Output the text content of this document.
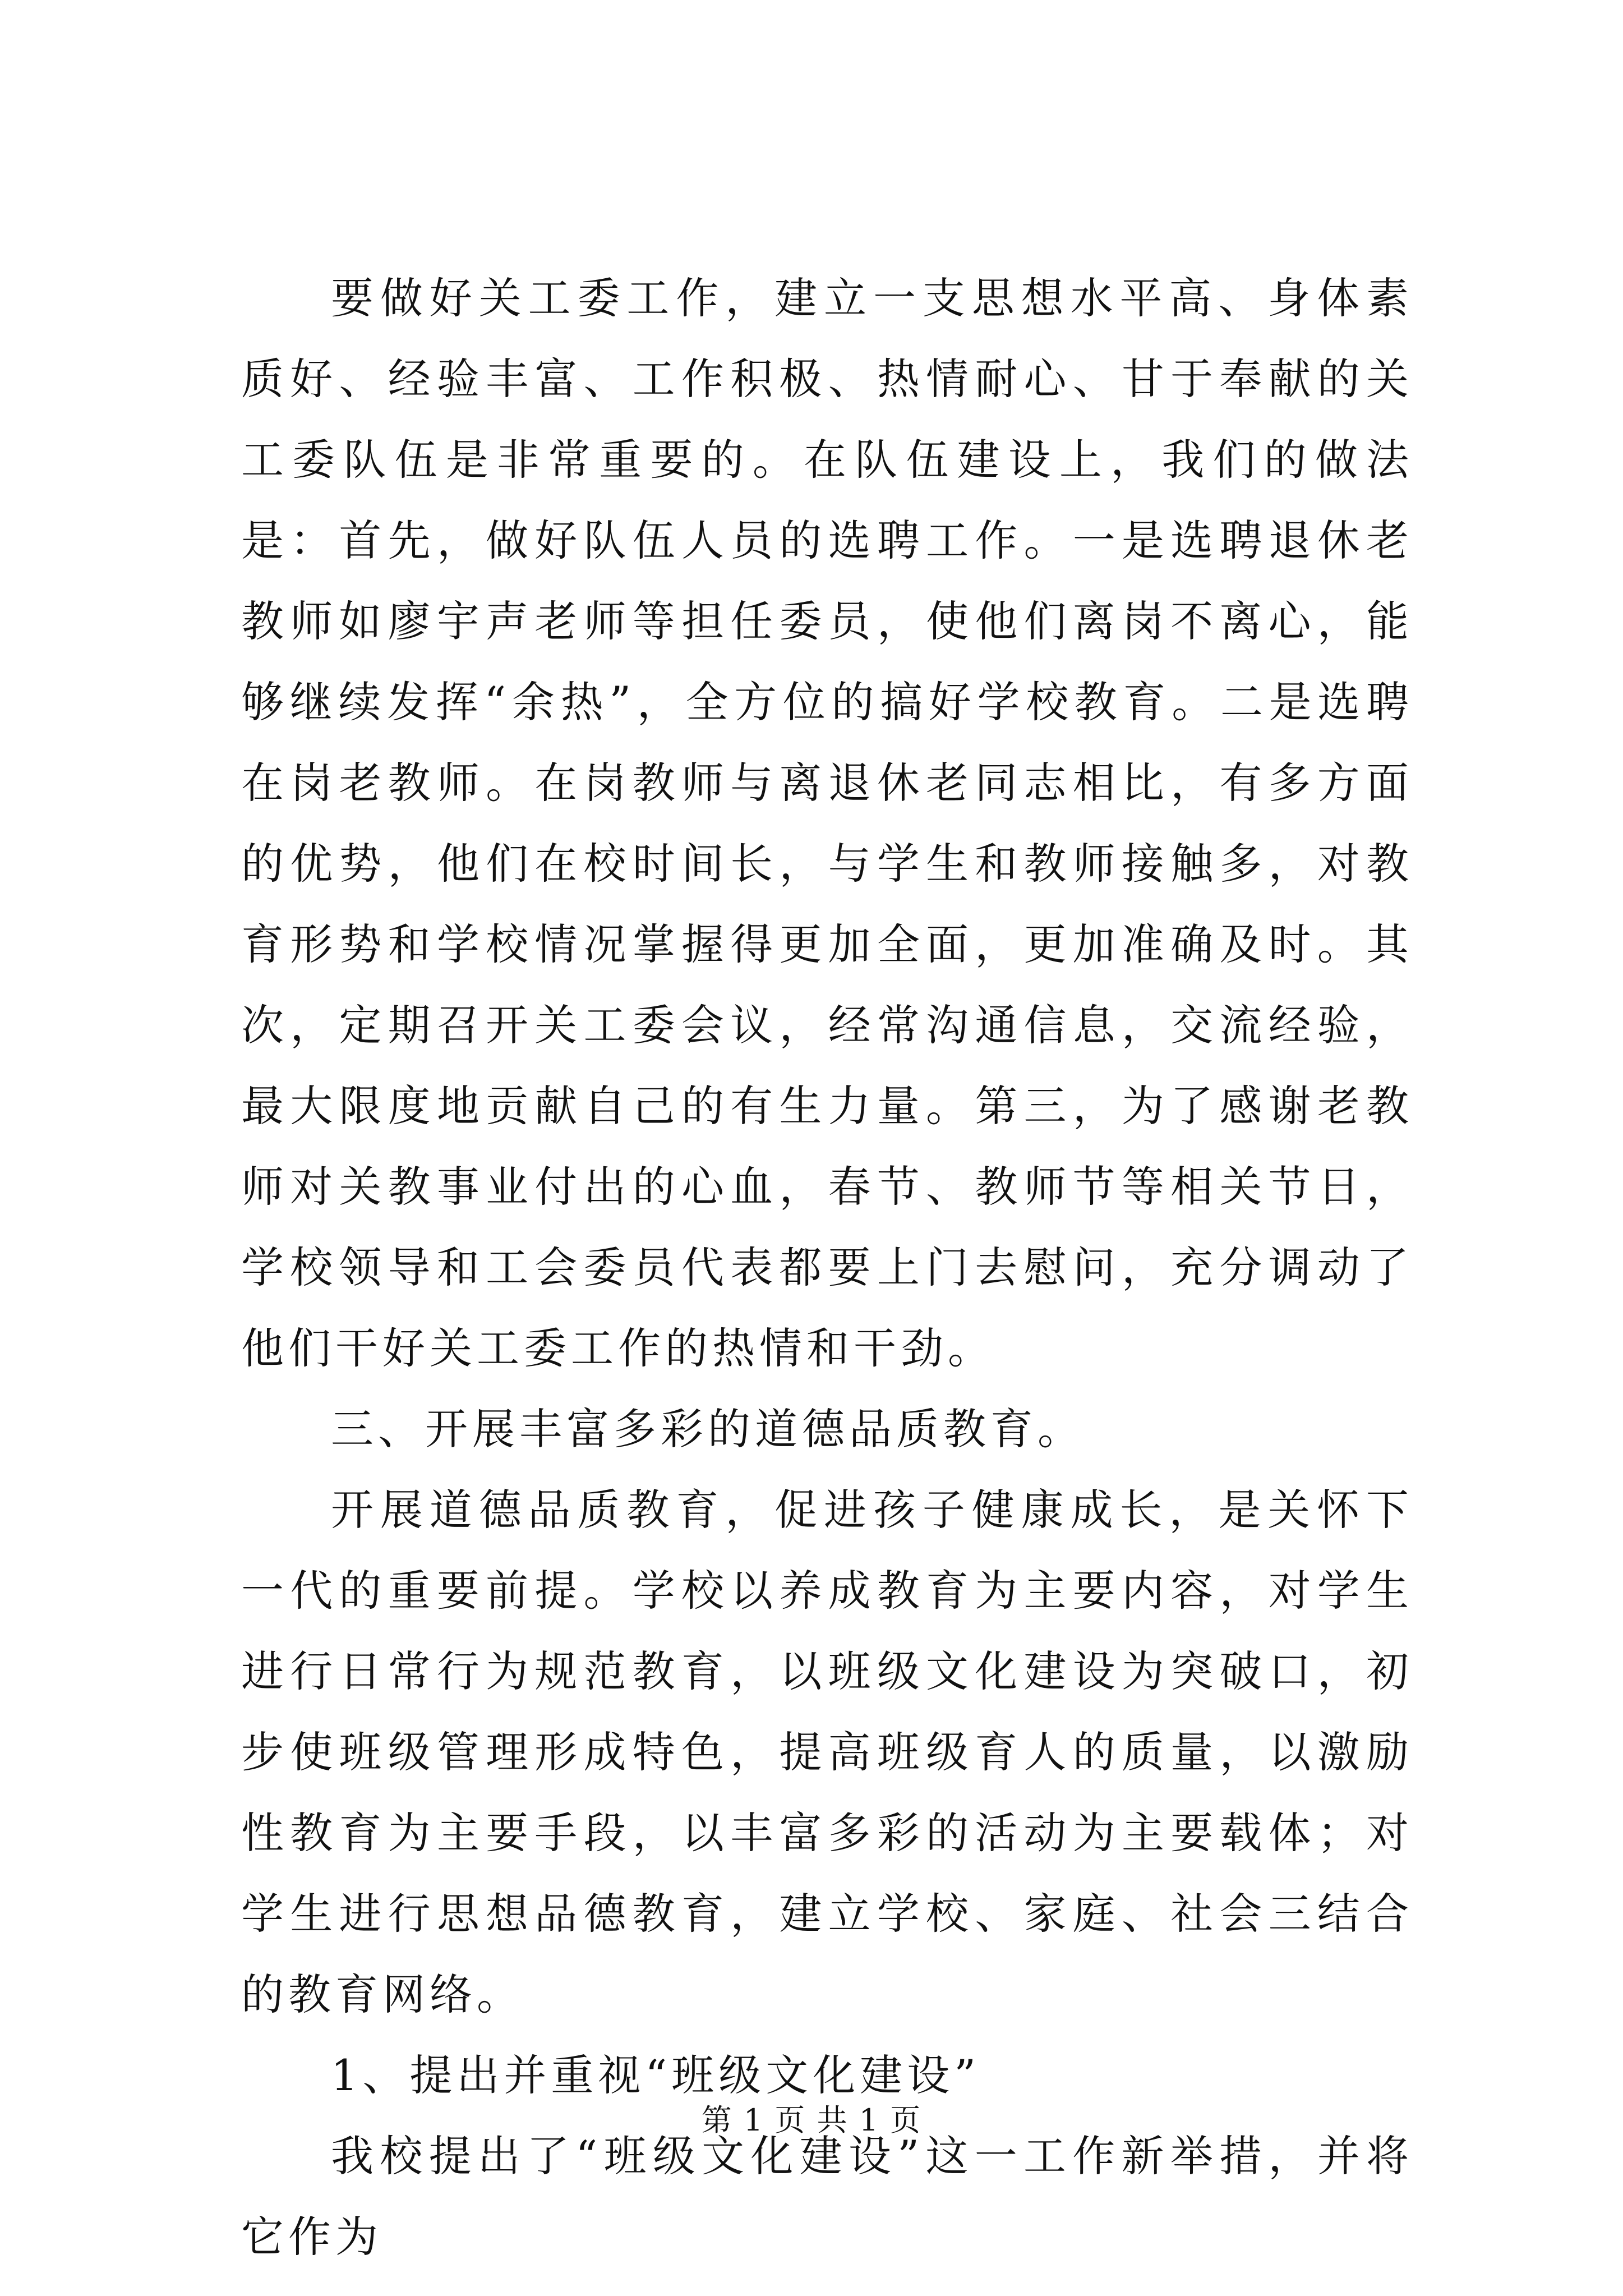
要做好关工委工作，建立一支思想水平高、身体素质好、经验丰富、工作积极、热情耐心、甘于奉献的关工委队伍是非常重要的。在队伍建设上，我们的做法是：首先，做好队伍人员的选聘工作。一是选聘退休老教师如廖宇声老师等担任委员，使他们离岗不离心，能够继续发挥“余热”，全方位的搞好学校教育。二是选聘在岗老教师。在岗教师与离退休老同志相比，有多方面的优势，他们在校时间长，与学生和教师接触多，对教育形势和学校情况掌握得更加全面，更加准确及时。其次，定期召开关工委会议，经常沟通信息，交流经验，最大限度地贡献自己的有生力量。第三，为了感谢老教师对关教事业付出的心血，春节、教师节等相关节日，学校领导和工会委员代表都要上门去慰问，充分调动了他们干好关工委工作的热情和干劲。

三、开展丰富多彩的道德品质教育。

开展道德品质教育，促进孩子健康成长，是关怀下一代的重要前提。学校以养成教育为主要内容，对学生进行日常行为规范教育，以班级文化建设为突破口，初步使班级管理形成特色，提高班级育人的质量，以激励性教育为主要手段，以丰富多彩的活动为主要载体；对学生进行思想品德教育，建立学校、家庭、社会三结合的教育网络。

1、提出并重视“班级文化建设”

我校提出了“班级文化建设”这一工作新举措，并将它作为

第 1 页 共 1 页
